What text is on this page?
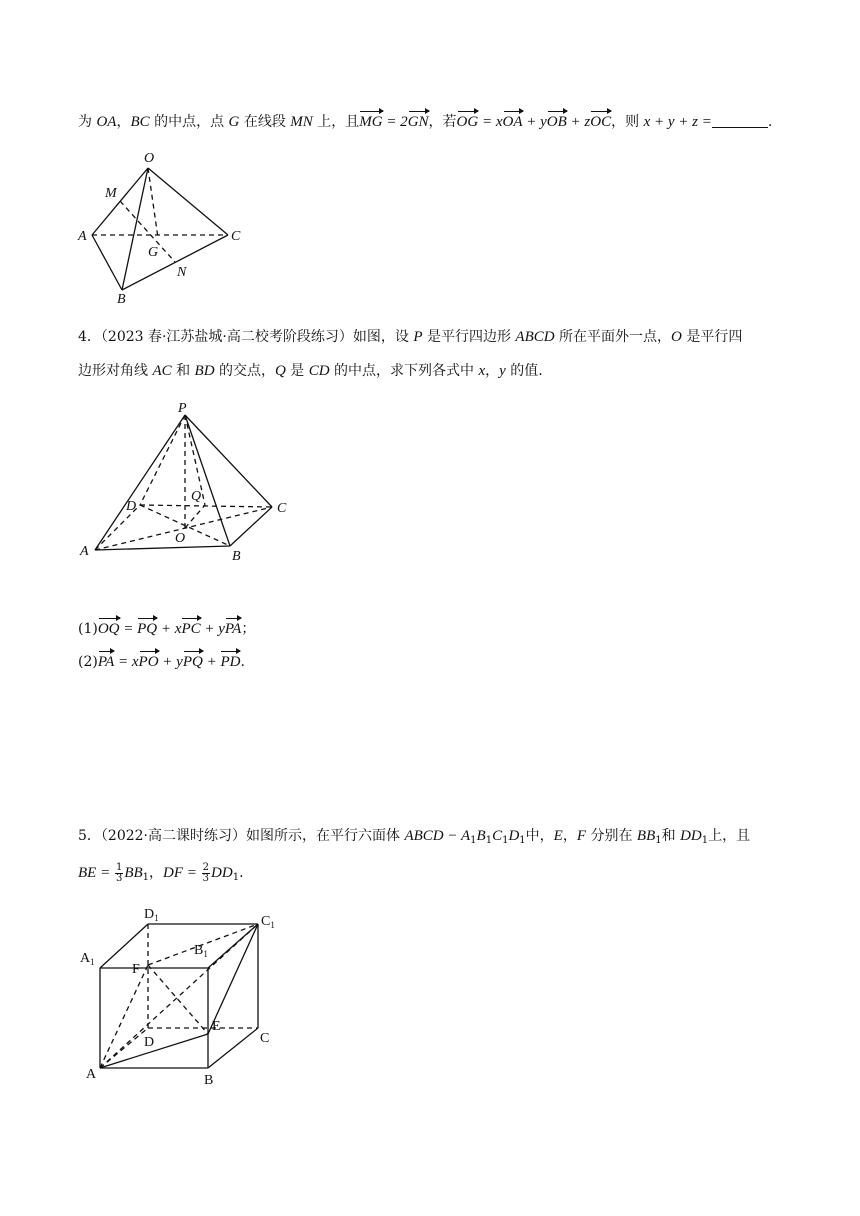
为 OA，BC 的中点，点 G 在线段 MN 上，且MG = 2GN，若OG = xOA + yOB + zOC，则 x + y + z =	.
O
M
A
G
C
N
B
4．（2023 春·江苏盐城·高二校考阶段练习）如图，设 P 是平行四边形 ABCD 所在平面外一点，O 是平行四
边形对角线 AC 和 BD 的交点，Q 是 CD 的中点，求下列各式中 x，y 的值.
P
D
Q
C
A
O
B
(1)OQ = PQ + xPC + yPA；
(2)PA = xPO + yPQ + PD.
5．（2022·高二课时练习）如图所示，在平行六面体 ABCD − $A_1B_1C_1D_1$中，E，F 分别在 $BB_1$和 $DD_1$上，且
BE = $\frac{1}{3} BB_1$，DF = $\frac{2}{3} DD_1$.
$D_1$	$C_1$
$A_1$
$B_1$
F
E
D	C
A	B
